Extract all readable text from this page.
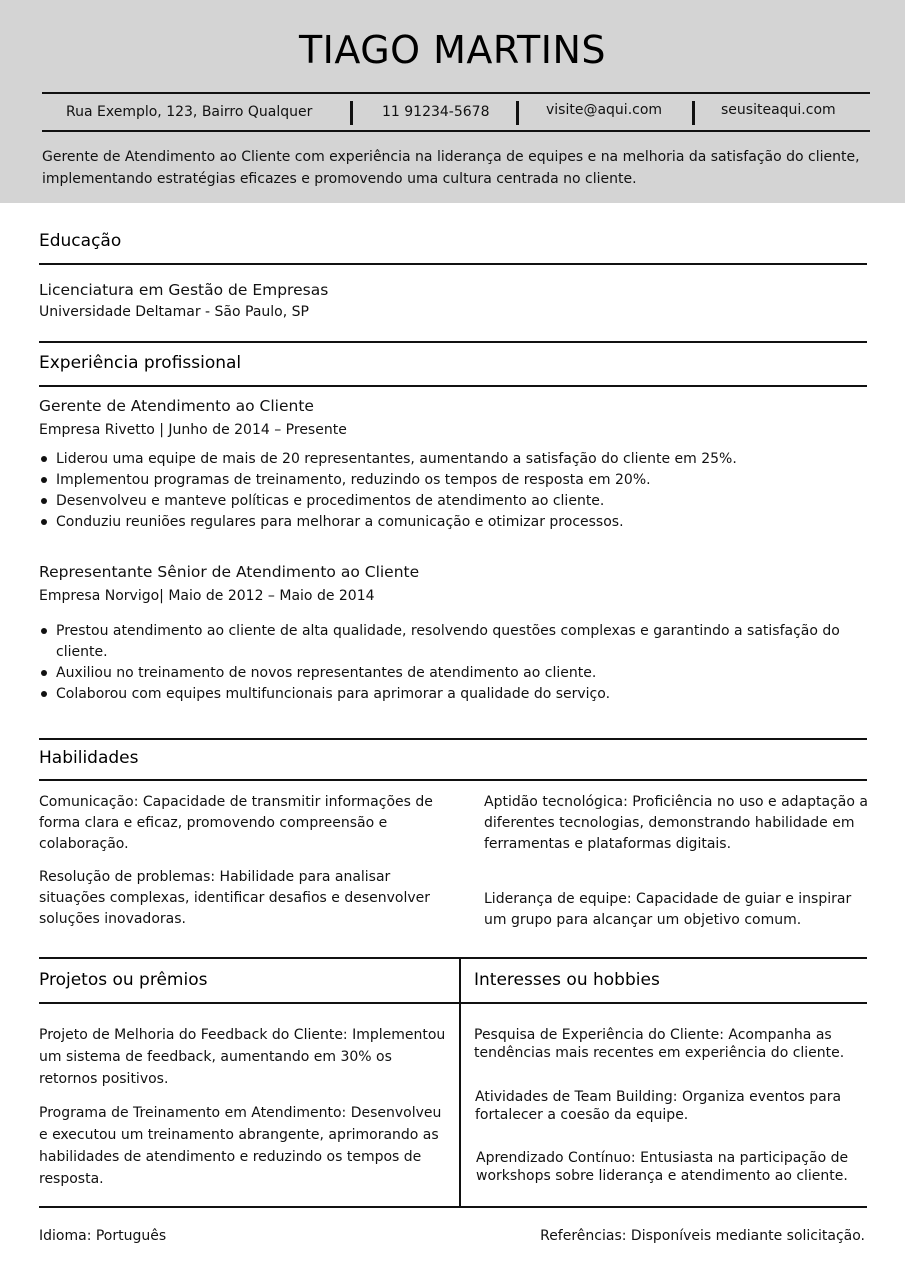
TIAGO MARTINS
Rua Exemplo, 123, Bairro Qualquer	11 91234-5678	visite@aqui.com	seusiteaqui.com
Gerente de Atendimento ao Cliente com experiência na liderança de equipes e na melhoria da satisfação do cliente, implementando estratégias eficazes e promovendo uma cultura centrada no cliente.
Educação
Licenciatura em Gestão de Empresas
Universidade Deltamar - São Paulo, SP
Experiência profissional
Gerente de Atendimento ao Cliente
Empresa Rivetto | Junho de 2014 – Presente
Liderou uma equipe de mais de 20 representantes, aumentando a satisfação do cliente em 25%.
Implementou programas de treinamento, reduzindo os tempos de resposta em 20%.
Desenvolveu e manteve políticas e procedimentos de atendimento ao cliente.
Conduziu reuniões regulares para melhorar a comunicação e otimizar processos.
Representante Sênior de Atendimento ao Cliente
Empresa Norvigo| Maio de 2012 – Maio de 2014
Prestou atendimento ao cliente de alta qualidade, resolvendo questões complexas e garantindo a satisfação do cliente.
Auxiliou no treinamento de novos representantes de atendimento ao cliente.
Colaborou com equipes multifuncionais para aprimorar a qualidade do serviço.
Habilidades
Comunicação: Capacidade de transmitir informações de forma clara e eficaz, promovendo compreensão e colaboração.
Resolução de problemas: Habilidade para analisar situações complexas, identificar desafios e desenvolver soluções inovadoras.
Aptidão tecnológica: Proficiência no uso e adaptação a diferentes tecnologias, demonstrando habilidade em ferramentas e plataformas digitais.
Liderança de equipe: Capacidade de guiar e inspirar um grupo para alcançar um objetivo comum.
Projetos ou prêmios	Interesses ou hobbies
Projeto de Melhoria do Feedback do Cliente: Implementou um sistema de feedback, aumentando em 30% os retornos positivos.
Programa de Treinamento em Atendimento: Desenvolveu e executou um treinamento abrangente, aprimorando as habilidades de atendimento e reduzindo os tempos de resposta.
Pesquisa de Experiência do Cliente: Acompanha as tendências mais recentes em experiência do cliente.
Atividades de Team Building: Organiza eventos para fortalecer a coesão da equipe.
Aprendizado Contínuo: Entusiasta na participação de workshops sobre liderança e atendimento ao cliente.
Idioma: Português	Referências: Disponíveis mediante solicitação.
